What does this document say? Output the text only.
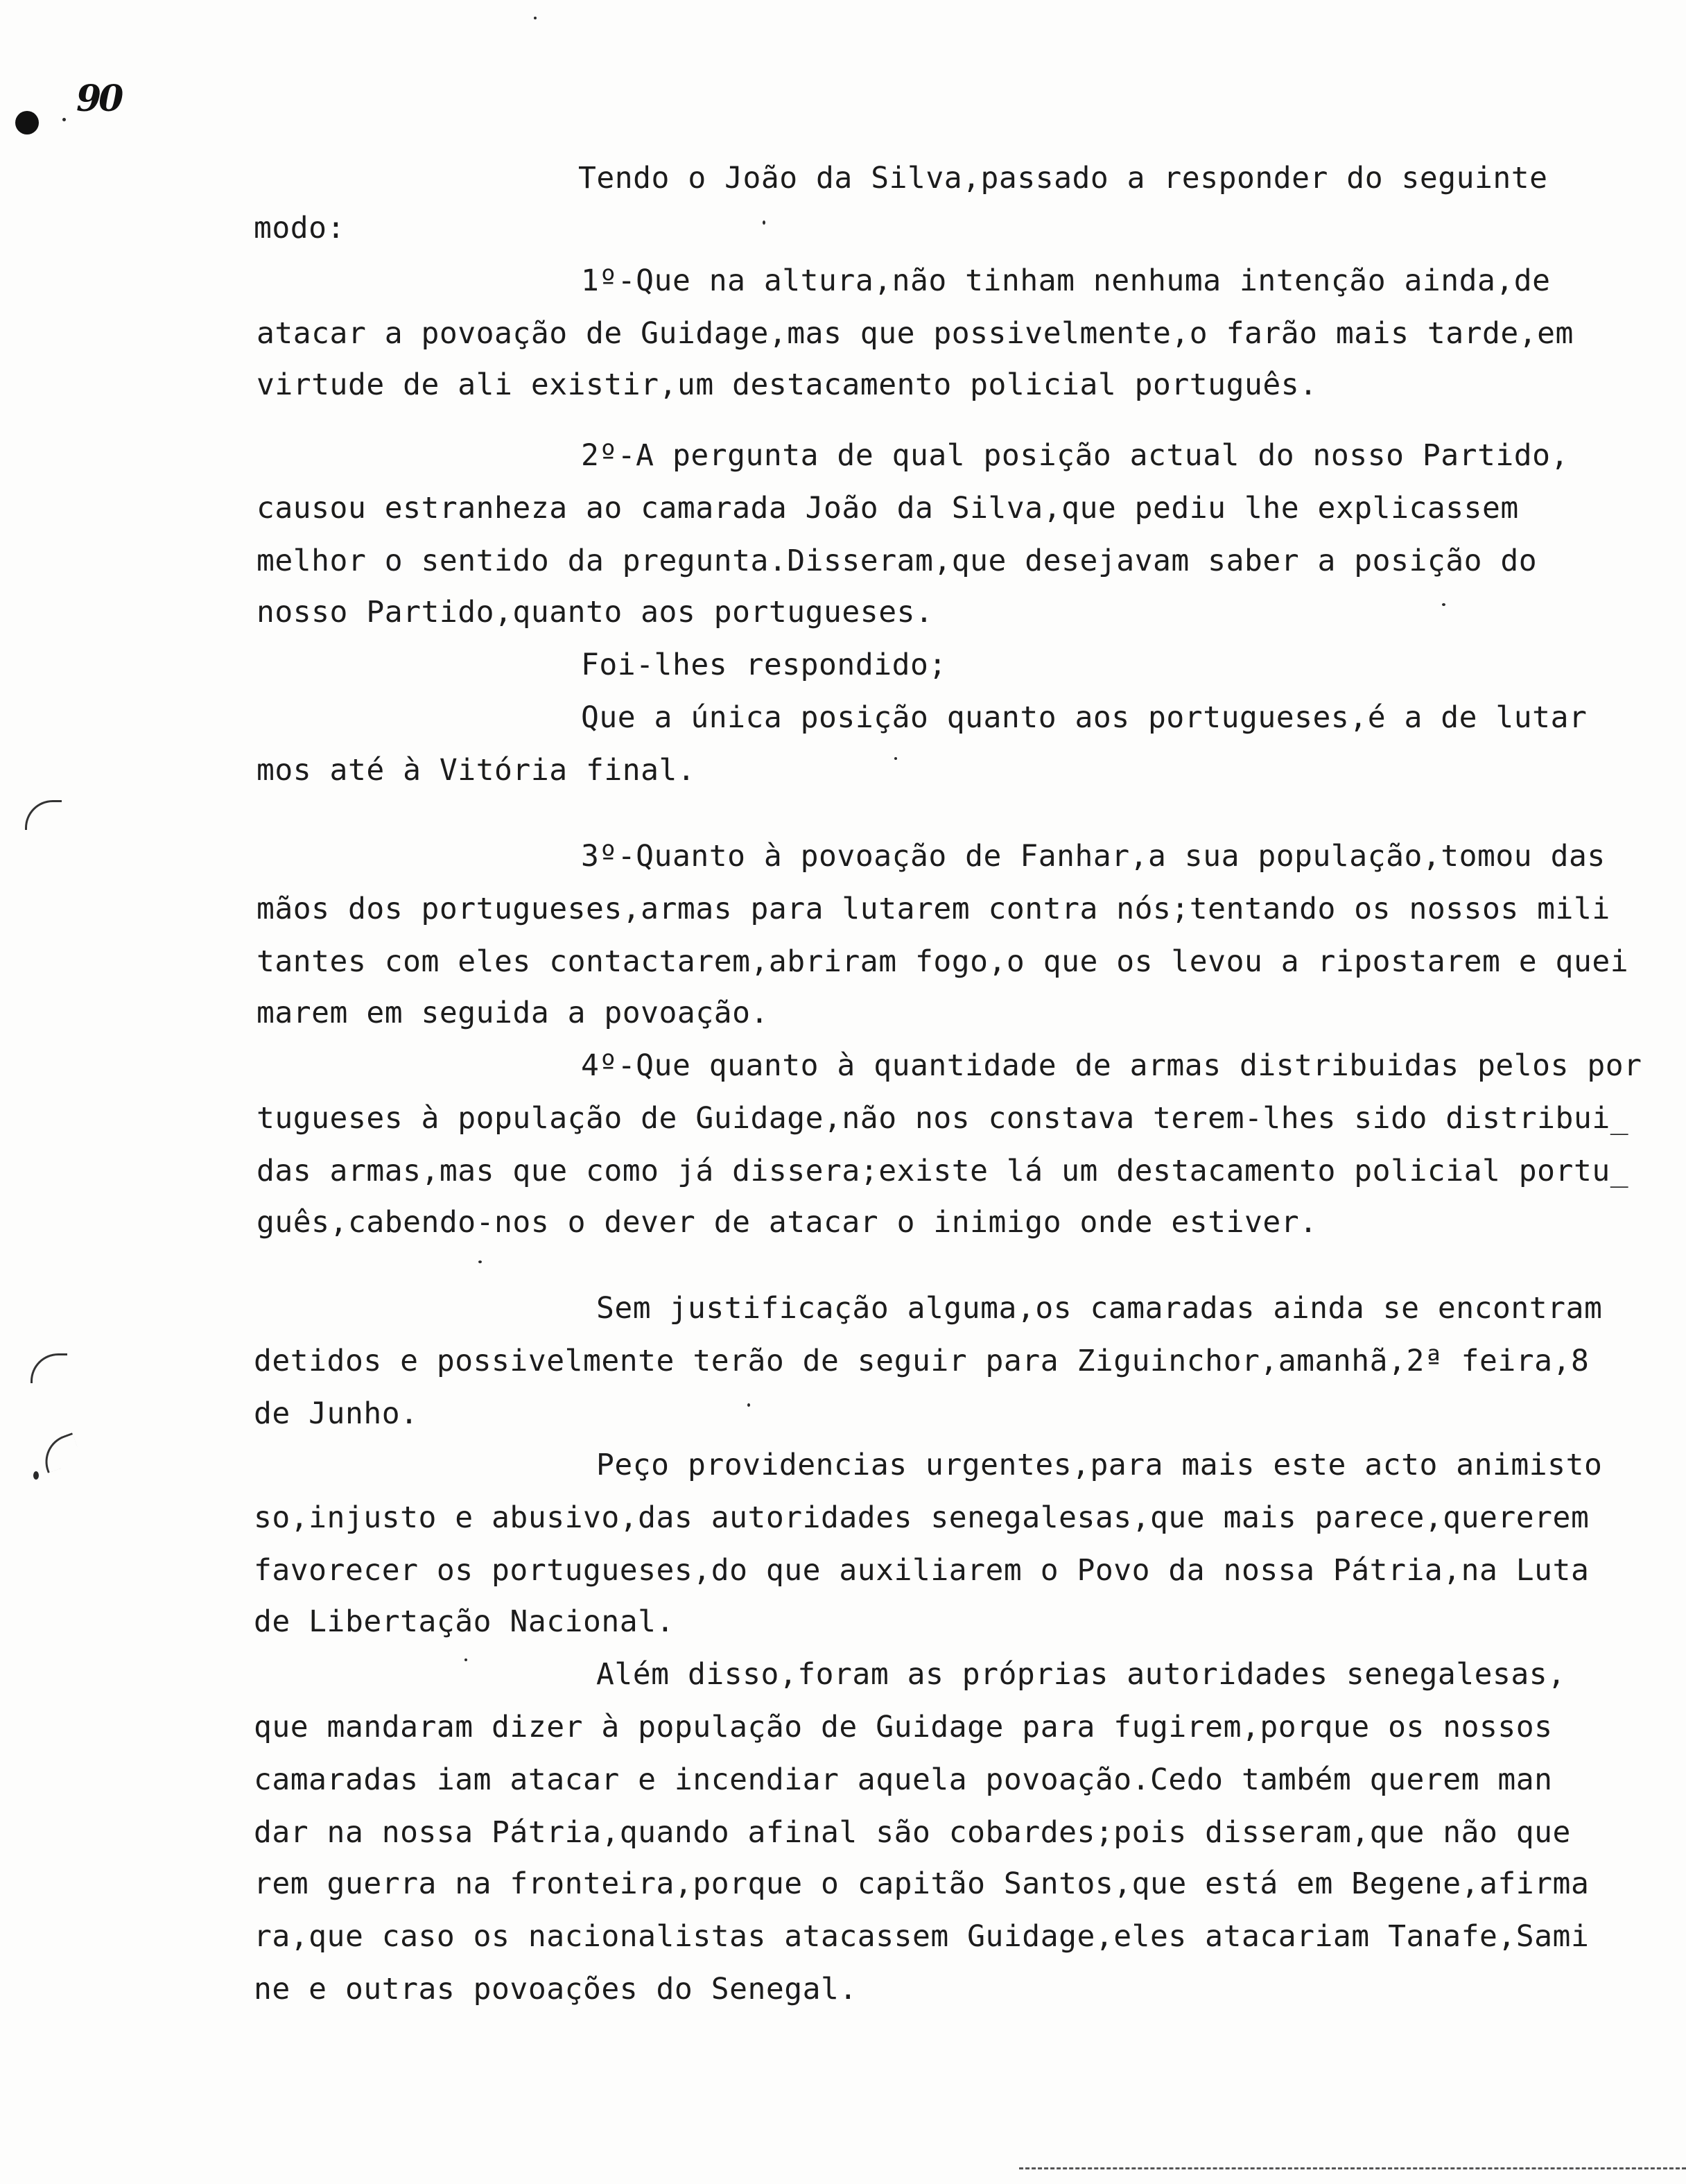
90
Tendo o João da Silva,passado a responder do seguinte
modo:
1º-Que na altura,não tinham nenhuma intenção ainda,de
atacar a povoação de Guidage,mas que possivelmente,o farão mais tarde,em
virtude de ali existir,um destacamento policial português.
2º-A pergunta de qual posição actual do nosso Partido,
causou estranheza ao camarada João da Silva,que pediu lhe explicassem
melhor o sentido da pregunta.Disseram,que desejavam saber a posição do
nosso Partido,quanto aos portugueses.
Foi-lhes respondido;
Que a única posição quanto aos portugueses,é a de lutar
mos até à Vitória final.
3º-Quanto à povoação de Fanhar,a sua população,tomou das
mãos dos portugueses,armas para lutarem contra nós;tentando os nossos mili
tantes com eles contactarem,abriram fogo,o que os levou a ripostarem e quei
marem em seguida a povoação.
4º-Que quanto à quantidade de armas distribuidas pelos por
tugueses à população de Guidage,não nos constava terem-lhes sido distribui_
das armas,mas que como já dissera;existe lá um destacamento policial portu_
guês,cabendo-nos o dever de atacar o inimigo onde estiver.
Sem justificação alguma,os camaradas ainda se encontram
detidos e possivelmente terão de seguir para Ziguinchor,amanhã,2ª feira,8
de Junho.
Peço providencias urgentes,para mais este acto animisto
so,injusto e abusivo,das autoridades senegalesas,que mais parece,quererem
favorecer os portugueses,do que auxiliarem o Povo da nossa Pátria,na Luta
de Libertação Nacional.
Além disso,foram as próprias autoridades senegalesas,
que mandaram dizer à população de Guidage para fugirem,porque os nossos
camaradas iam atacar e incendiar aquela povoação.Cedo também querem man
dar na nossa Pátria,quando afinal são cobardes;pois disseram,que não que
rem guerra na fronteira,porque o capitão Santos,que está em Begene,afirma
ra,que caso os nacionalistas atacassem Guidage,eles atacariam Tanafe,Sami
ne e outras povoações do Senegal.
